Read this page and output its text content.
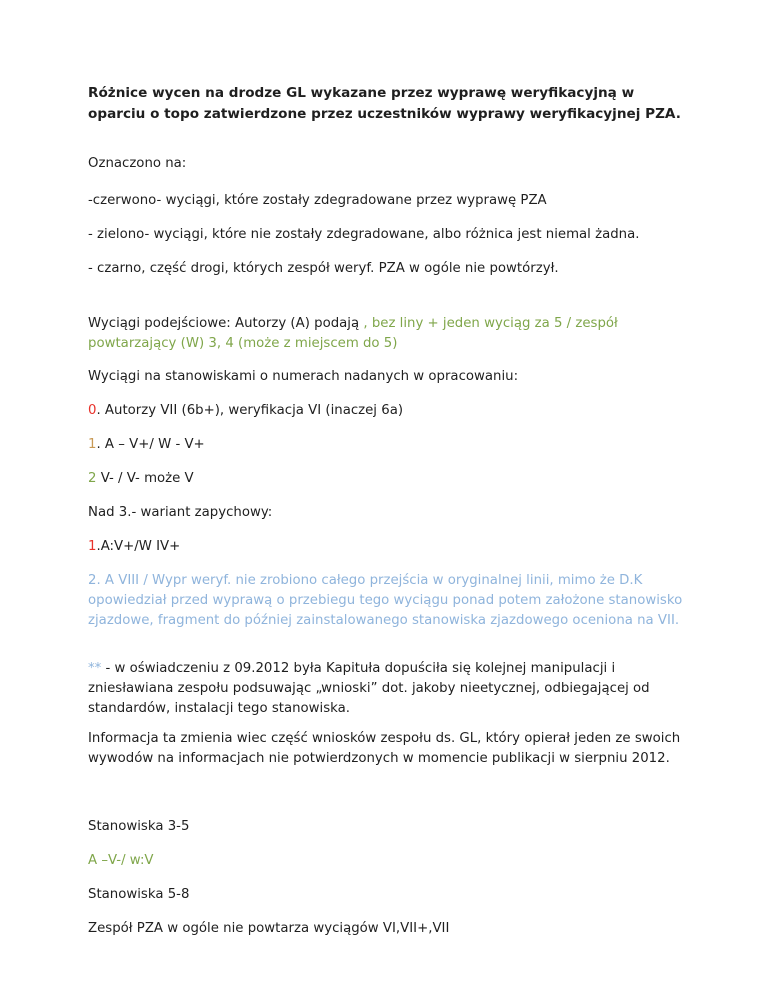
Różnice wycen na drodze GL wykazane przez wyprawę weryfikacyjną w oparciu o topo zatwierdzone przez uczestników wyprawy weryfikacyjnej PZA.

Oznaczono na:

-czerwono- wyciągi, które zostały zdegradowane przez wyprawę PZA

- zielono- wyciągi, które nie zostały zdegradowane, albo różnica jest niemal żadna.

- czarno, część drogi, których zespół weryf. PZA w ogóle nie powtórzył.

Wyciągi podejściowe: Autorzy (A) podają , bez liny + jeden wyciąg za 5 / zespół powtarzający (W) 3, 4 (może z miejscem do 5)

Wyciągi na stanowiskami o numerach nadanych w opracowaniu:

0. Autorzy VII (6b+), weryfikacja VI (inaczej 6a)

1. A – V+/ W - V+

2 V- / V- może V

Nad 3.- wariant zapychowy:

1.A:V+/W IV+

2. A VIII / Wypr weryf. nie zrobiono całego przejścia w oryginalnej linii, mimo że D.K opowiedział przed wyprawą o przebiegu tego wyciągu ponad potem założone stanowisko zjazdowe, fragment do później zainstalowanego stanowiska zjazdowego oceniona na VII.

** - w oświadczeniu z 09.2012 była Kapituła dopuściła się kolejnej manipulacji i zniesławiana zespołu podsuwając „wnioski” dot. jakoby nieetycznej, odbiegającej od standardów, instalacji tego stanowiska.

Informacja ta zmienia wiec część wniosków zespołu ds. GL, który opierał jeden ze swoich wywodów na informacjach nie potwierdzonych w momencie publikacji w sierpniu 2012.

Stanowiska 3-5

A –V-/ w:V

Stanowiska 5-8

Zespół PZA w ogóle nie powtarza wyciągów VI,VII+,VII
